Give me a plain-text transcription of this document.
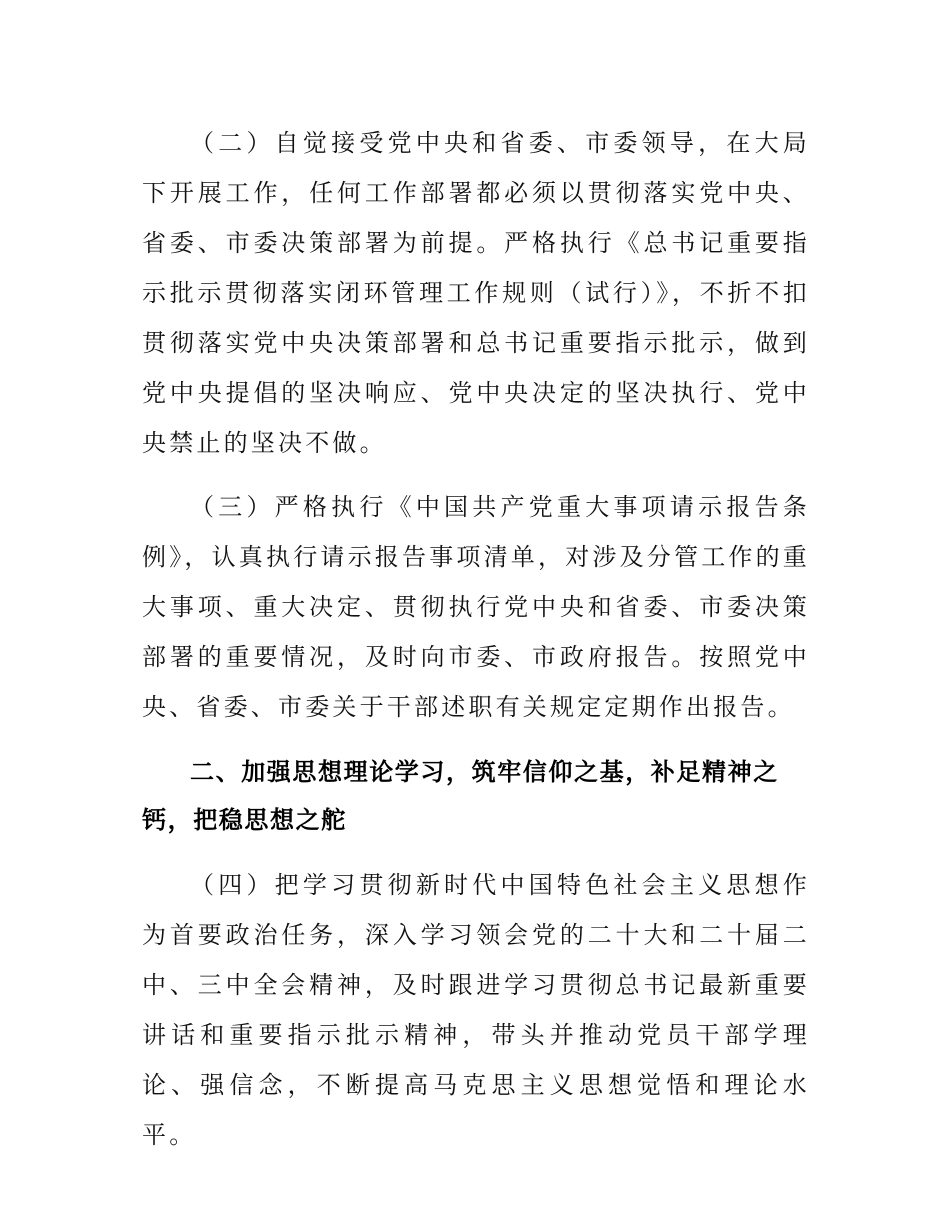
（二）自觉接受党中央和省委、市委领导，在大局下开展工作，任何工作部署都必须以贯彻落实党中央、省委、市委决策部署为前提。严格执行《总书记重要指示批示贯彻落实闭环管理工作规则（试行）》，不折不扣贯彻落实党中央决策部署和总书记重要指示批示，做到党中央提倡的坚决响应、党中央决定的坚决执行、党中央禁止的坚决不做。

（三）严格执行《中国共产党重大事项请示报告条例》，认真执行请示报告事项清单，对涉及分管工作的重大事项、重大决定、贯彻执行党中央和省委、市委决策部署的重要情况，及时向市委、市政府报告。按照党中央、省委、市委关于干部述职有关规定定期作出报告。

二、加强思想理论学习，筑牢信仰之基，补足精神之钙，把稳思想之舵

（四）把学习贯彻新时代中国特色社会主义思想作为首要政治任务，深入学习领会党的二十大和二十届二中、三中全会精神，及时跟进学习贯彻总书记最新重要讲话和重要指示批示精神，带头并推动党员干部学理论、强信念，不断提高马克思主义思想觉悟和理论水平。
